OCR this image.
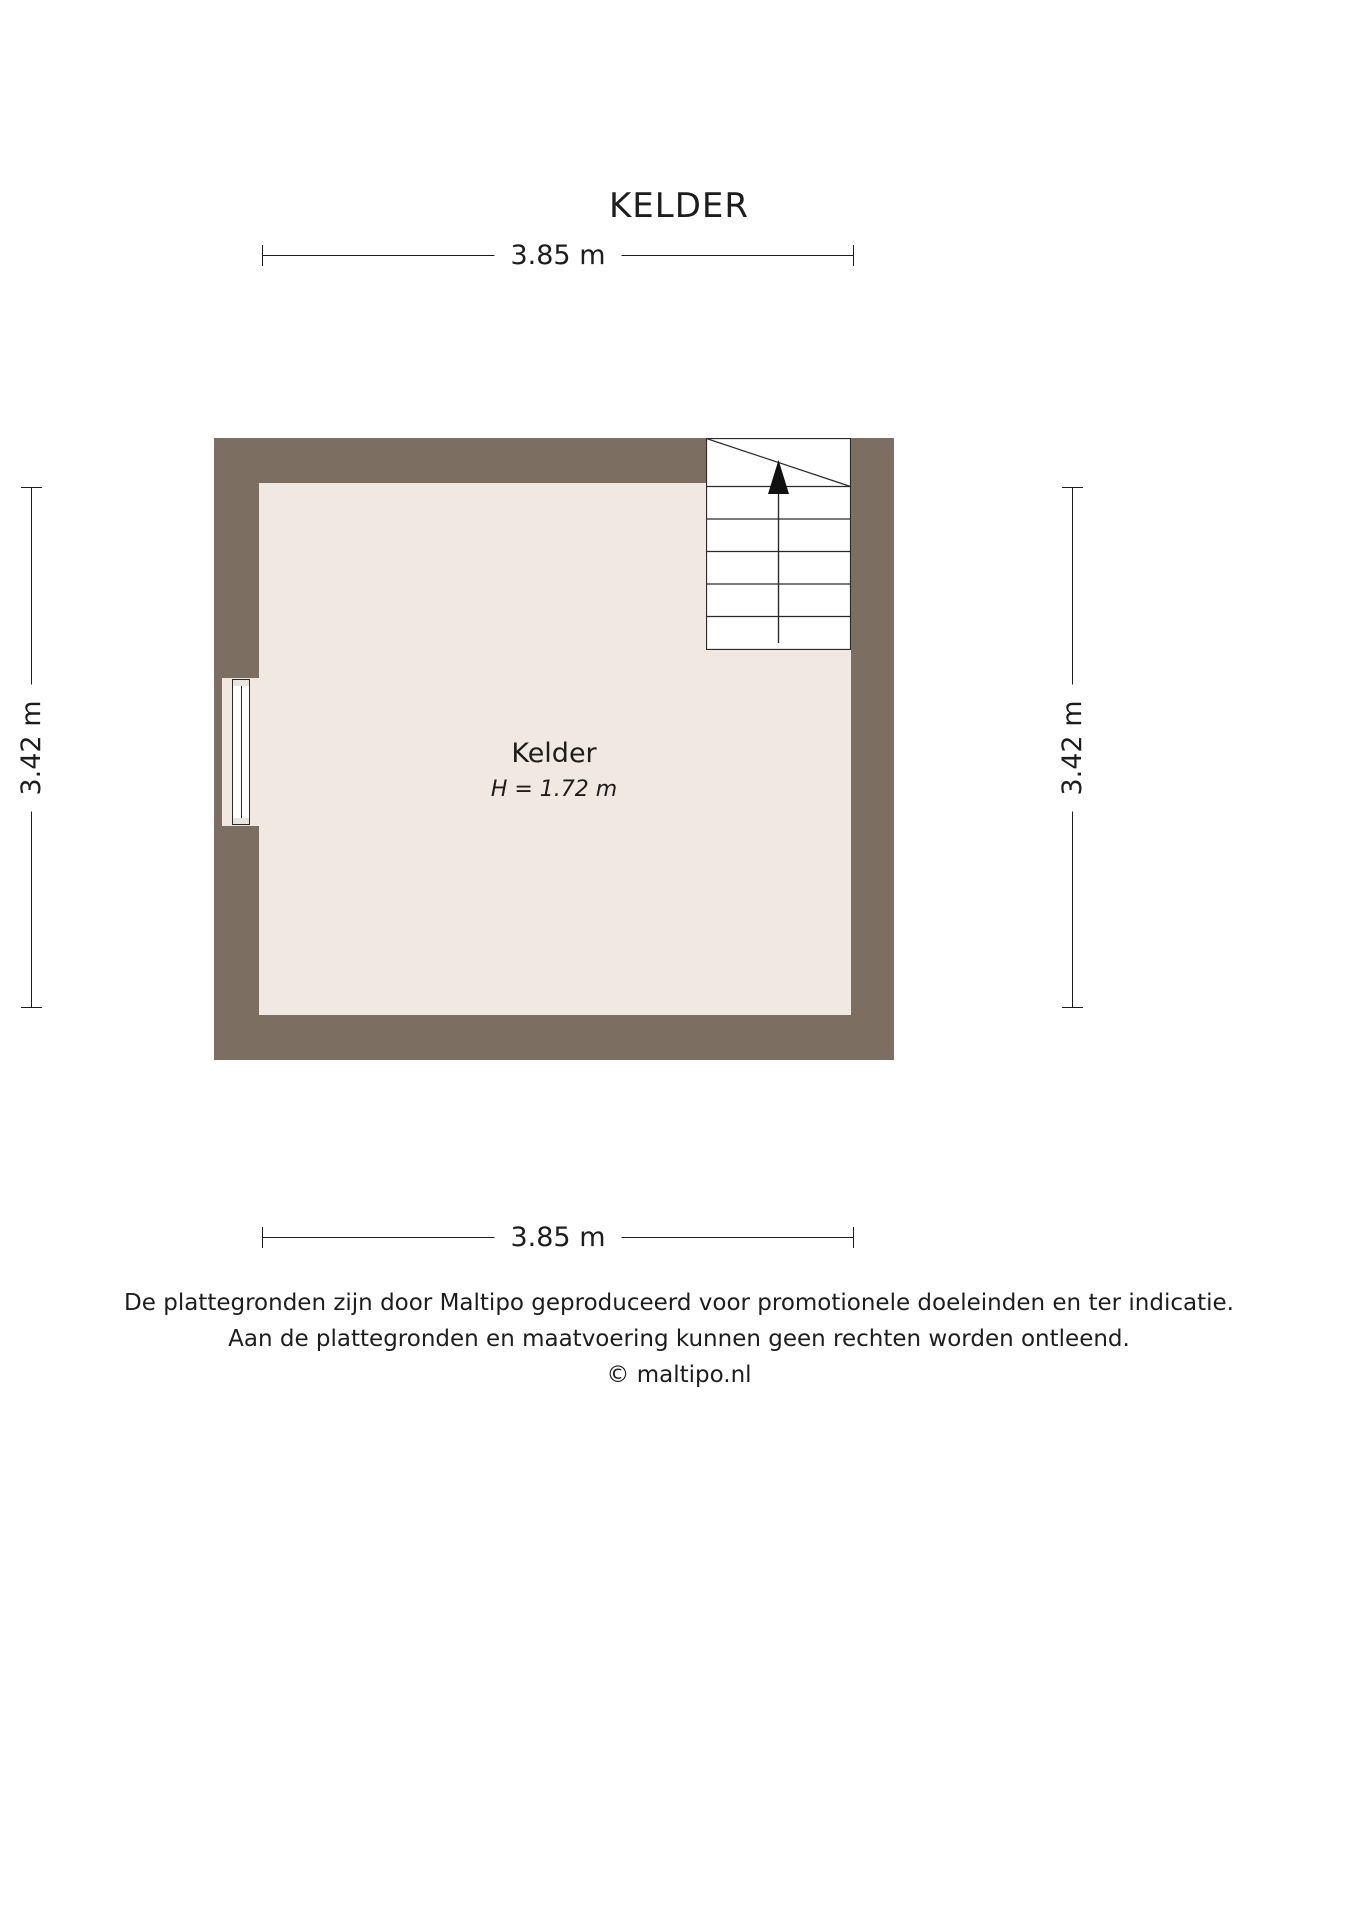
KELDER
3.85 m
3.42 m	3.42 m
Kelder
H = 1.72 m
3.85 m
De plattegronden zijn door Maltipo geproduceerd voor promotionele doeleinden en ter indicatie.
Aan de plattegronden en maatvoering kunnen geen rechten worden ontleend.
© maltipo.nl
